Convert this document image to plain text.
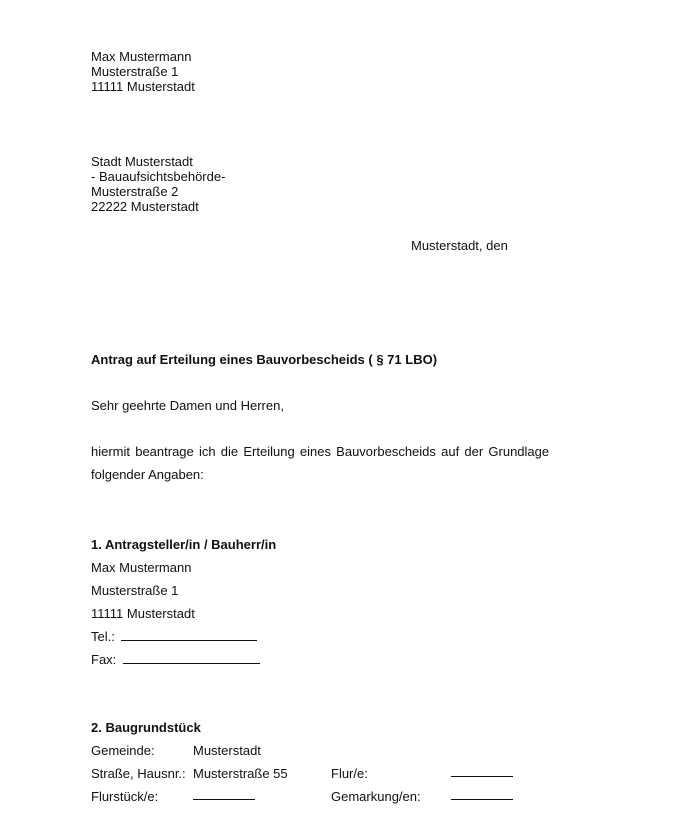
Max Mustermann
Musterstraße 1
11111 Musterstadt
Stadt Musterstadt
- Bauaufsichtsbehörde-
Musterstraße 2
22222 Musterstadt
Musterstadt, den
Antrag auf Erteilung eines Bauvorbescheids ( § 71 LBO)
Sehr geehrte Damen und Herren,
hiermit beantrage ich die Erteilung eines Bauvorbescheids auf der Grundlage
folgender Angaben:
1. Antragsteller/in / Bauherr/in
Max Mustermann
Musterstraße 1
11111 Musterstadt
Tel.:
Fax:
2. Baugrundstück
Gemeinde:	Musterstadt
Straße, Hausnr.: Musterstraße 55	Flur/e:
Flurstück/e:	Gemarkung/en:
